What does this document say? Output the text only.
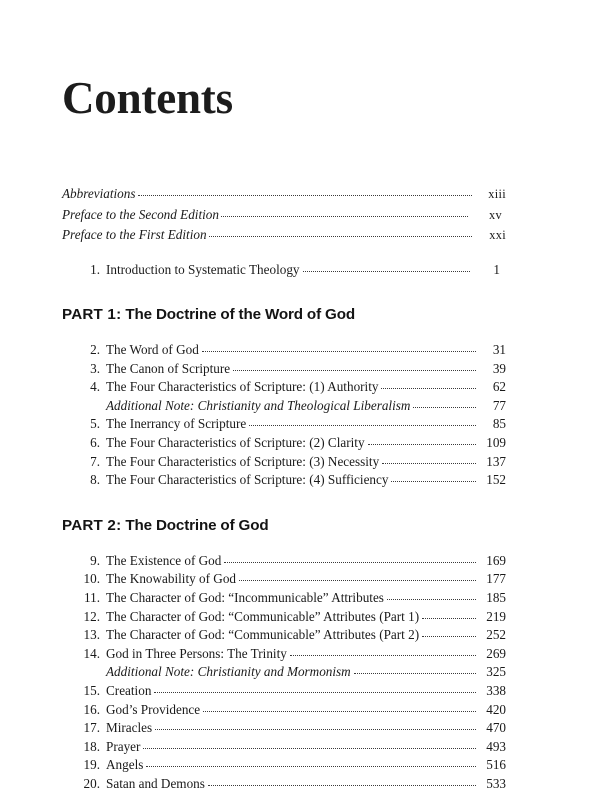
Contents
Abbreviations	xiii
Preface to the Second Edition	xv
Preface to the First Edition	xxi
1. Introduction to Systematic Theology	1
PART 1: The Doctrine of the Word of God
2. The Word of God	31
3. The Canon of Scripture	39
4. The Four Characteristics of Scripture: (1) Authority	62
Additional Note: Christianity and Theological Liberalism	77
5. The Inerrancy of Scripture	85
6. The Four Characteristics of Scripture: (2) Clarity	109
7. The Four Characteristics of Scripture: (3) Necessity	137
8. The Four Characteristics of Scripture: (4) Sufficiency	152
PART 2: The Doctrine of God
9. The Existence of God	169
10. The Knowability of God	177
11. The Character of God: “Incommunicable” Attributes	185
12. The Character of God: “Communicable” Attributes (Part 1)	219
13. The Character of God: “Communicable” Attributes (Part 2)	252
14. God in Three Persons: The Trinity	269
Additional Note: Christianity and Mormonism	325
15. Creation	338
16. God’s Providence	420
17. Miracles	470
18. Prayer	493
19. Angels	516
20. Satan and Demons	533
